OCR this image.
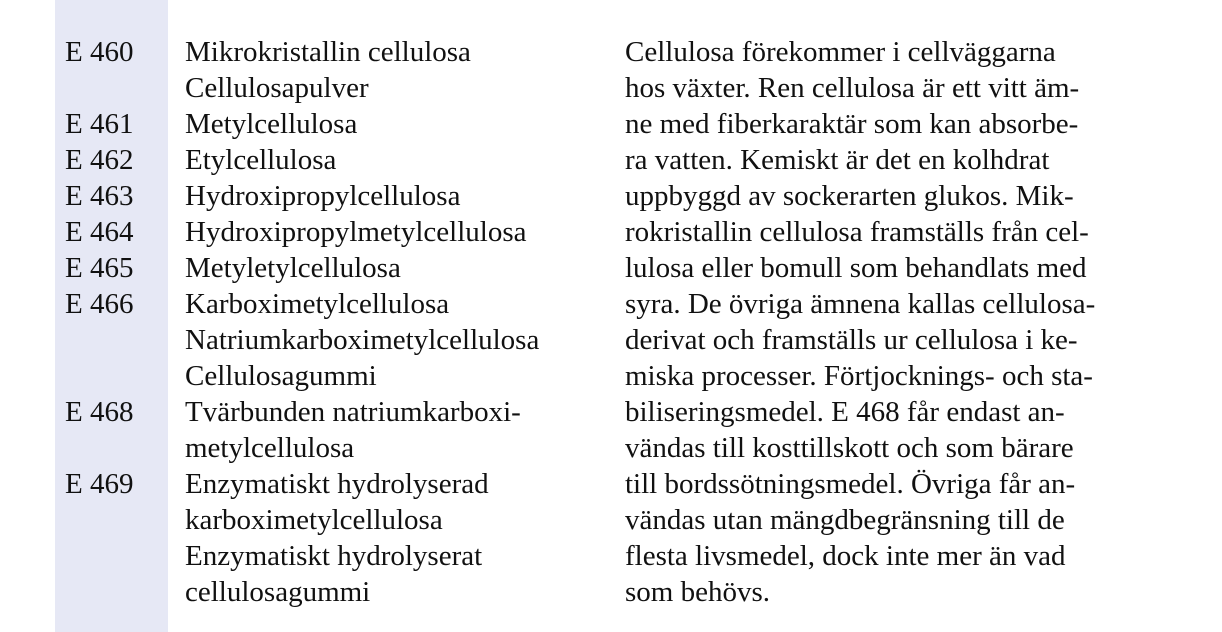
E 460
E 461
E 462
E 463
E 464
E 465
E 466
E 468
E 469
Mikrokristallin cellulosa
Cellulosapulver
Metylcellulosa
Etylcellulosa
Hydroxipropylcellulosa
Hydroxipropylmetylcellulosa
Metyletylcellulosa
Karboximetylcellulosa
Natriumkarboximetylcellulosa
Cellulosagummi
Tvärbunden natriumkarboxi-
metylcellulosa
Enzymatiskt hydrolyserad
karboximetylcellulosa
Enzymatiskt hydrolyserat
cellulosagummi
Cellulosa förekommer i cellväggarna
hos växter. Ren cellulosa är ett vitt äm-
ne med fiberkaraktär som kan absorbe-
ra vatten. Kemiskt är det en kolhdrat
uppbyggd av sockerarten glukos. Mik-
rokristallin cellulosa framställs från cel-
lulosa eller bomull som behandlats med
syra. De övriga ämnena kallas cellulosa-
derivat och framställs ur cellulosa i ke-
miska processer. Förtjocknings- och sta-
biliseringsmedel. E 468 får endast an-
vändas till kosttillskott och som bärare
till bordssötningsmedel. Övriga får an-
vändas utan mängdbegränsning till de
flesta livsmedel, dock inte mer än vad
som behövs.
